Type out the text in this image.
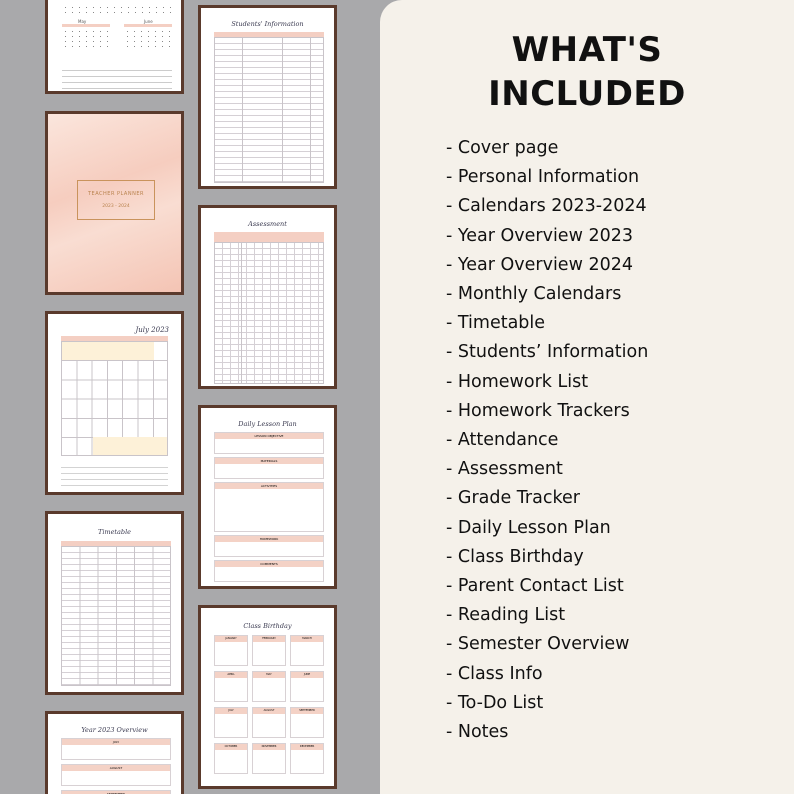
May	June
TEACHER PLANNER
2023 - 2024
July 2023
Timetable
Year 2023 Overview
JULY
AUGUST
SEPTEMBER
Students' Information
Assessment
Daily Lesson Plan
LESSON OBJECTIVE
MATERIALS
ACTIVITIES
HOMEWORK
COMMENTS
Class Birthday
JANUARY	FEBRUARY	MARCH
APRIL	MAY	JUNE
JULY	AUGUST	SEPTEMBER
OCTOBER	NOVEMBER	DECEMBER
WHAT'S
INCLUDED
- Cover page
- Personal Information
- Calendars 2023-2024
- Year Overview 2023
- Year Overview 2024
- Monthly Calendars
- Timetable
- Students’ Information
- Homework List
- Homework Trackers
- Attendance
- Assessment
- Grade Tracker
- Daily Lesson Plan
- Class Birthday
- Parent Contact List
- Reading List
- Semester Overview
- Class Info
- To-Do List
- Notes
